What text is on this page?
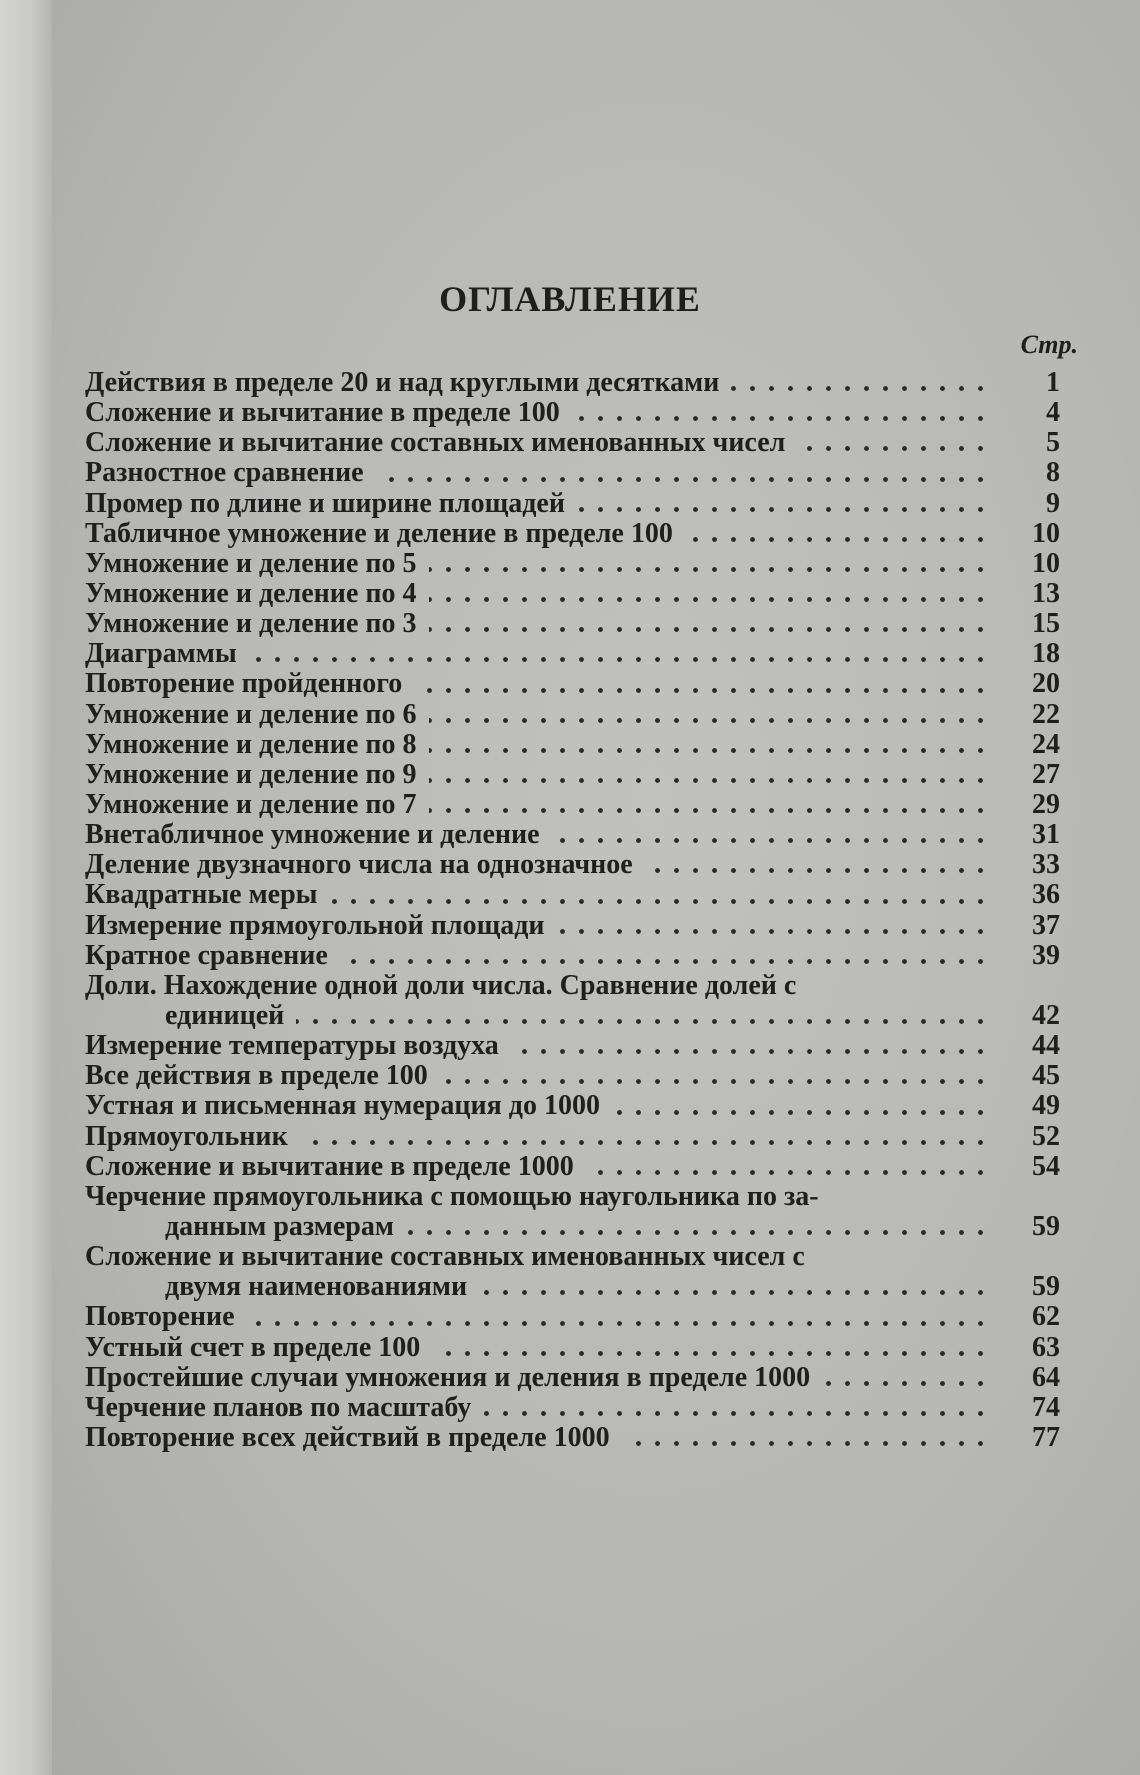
ОГЛАВЛЕНИЕ
Стр.
Действия в пределе 20 и над круглыми десятками	1
Сложение и вычитание в пределе 100	4
Сложение и вычитание составных именованных чисел	5
Разностное сравнение	8
Промер по длине и ширине площадей	9
Табличное умножение и деление в пределе 100	10
Умножение и деление по 5	10
Умножение и деление по 4	13
Умножение и деление по 3	15
Диаграммы	18
Повторение пройденного	20
Умножение и деление по 6	22
Умножение и деление по 8	24
Умножение и деление по 9	27
Умножение и деление по 7	29
Внетабличное умножение и деление	31
Деление двузначного числа на однозначное	33
Квадратные меры	36
Измерение прямоугольной площади	37
Кратное сравнение	39
Доли. Нахождение одной доли числа. Сравнение долей с
единицей	42
Измерение температуры воздуха	44
Все действия в пределе 100	45
Устная и письменная нумерация до 1000	49
Прямоугольник	52
Сложение и вычитание в пределе 1000	54
Черчение прямоугольника с помощью наугольника по за-
данным размерам	59
Сложение и вычитание составных именованных чисел с
двумя наименованиями	59
Повторение	62
Устный счет в пределе 100	63
Простейшие случаи умножения и деления в пределе 1000	64
Черчение планов по масштабу	74
Повторение всех действий в пределе 1000	77
